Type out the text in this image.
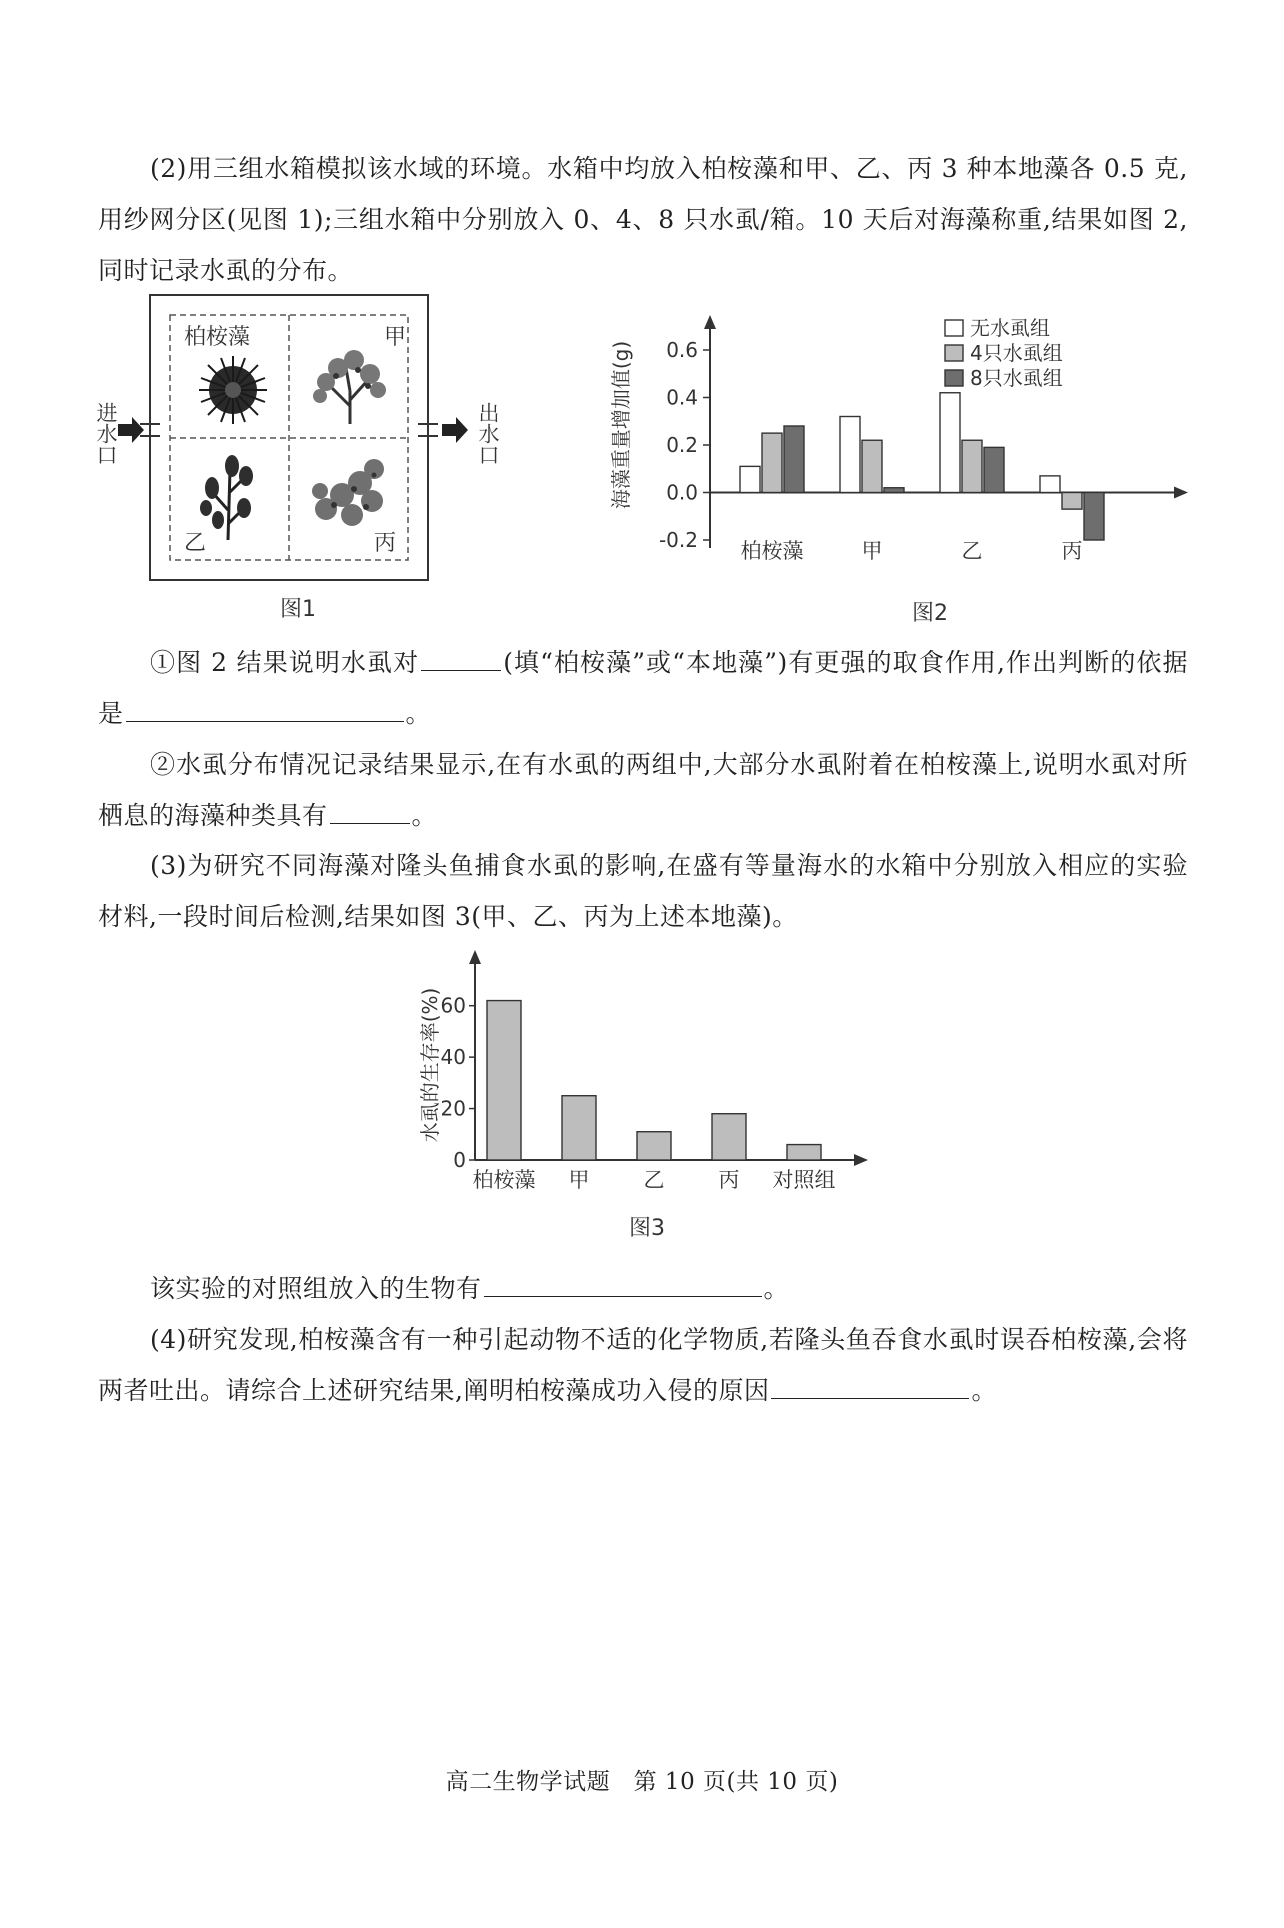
(2)用三组水箱模拟该水域的环境。水箱中均放入柏桉藻和甲、乙、丙 3 种本地藻各 0.5 克,用纱网分区(见图 1);三组水箱中分别放入 0、4、8 只水虱/箱。10 天后对海藻称重,结果如图 2,同时记录水虱的分布。
进水口	出水口
柏桉藻	甲
乙	丙
图1
0.6
0.4
0.2
0.0
-0.2
海藻重量增加值(g)
柏桉藻	甲	乙	丙
无水虱组
4只水虱组
8只水虱组
图2
①图 2 结果说明水虱对	(填“柏桉藻”或“本地藻”)有更强的取食作用,作出判断的依据是	。
②水虱分布情况记录结果显示,在有水虱的两组中,大部分水虱附着在柏桉藻上,说明水虱对所栖息的海藻种类具有	。
(3)为研究不同海藻对隆头鱼捕食水虱的影响,在盛有等量海水的水箱中分别放入相应的实验材料,一段时间后检测,结果如图 3(甲、乙、丙为上述本地藻)。
60
40
20
0
水虱的生存率(%)
柏桉藻 甲	乙	丙 对照组
图3
该实验的对照组放入的生物有	。
(4)研究发现,柏桉藻含有一种引起动物不适的化学物质,若隆头鱼吞食水虱时误吞柏桉藻,会将两者吐出。请综合上述研究结果,阐明柏桉藻成功入侵的原因	。
高二生物学试题　第 10 页(共 10 页)
